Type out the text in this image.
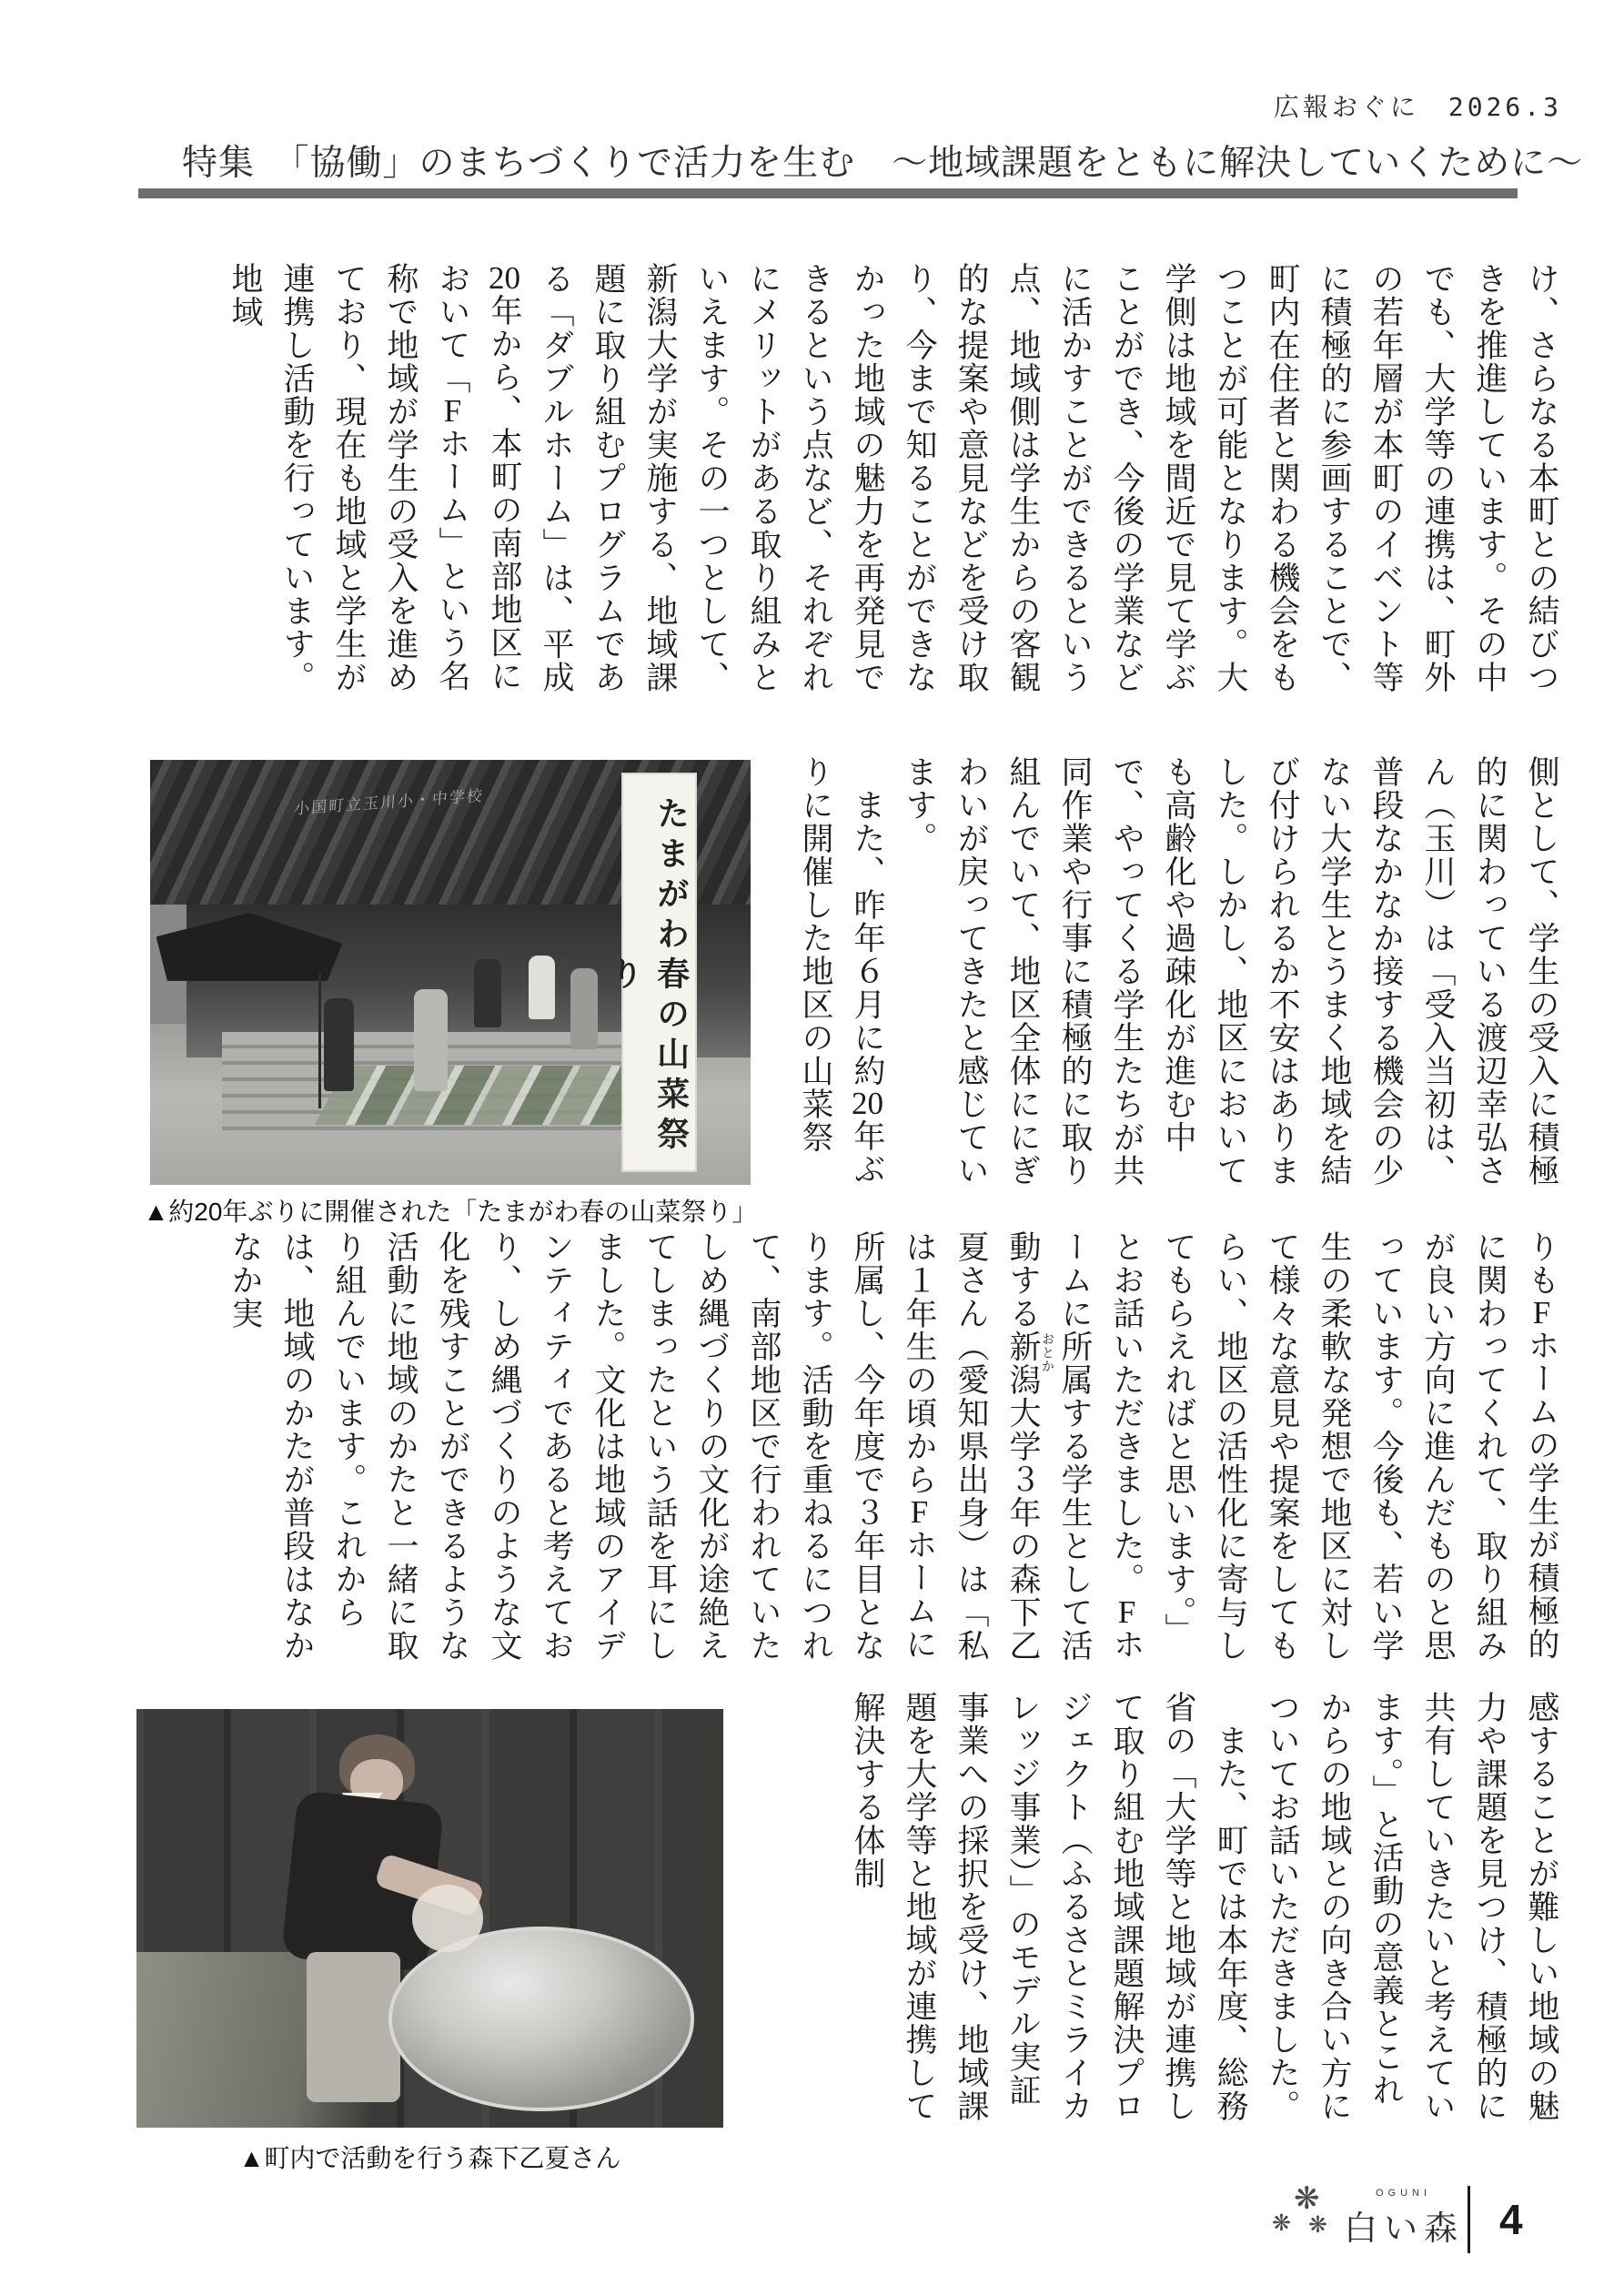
広報おぐに　2026.3
特集　「協働」のまちづくりで活力を生む　～地域課題をともに解決していくために～

け、さらなる本町との結びつきを推進しています。その中でも、大学等の連携は、町外の若年層が本町のイベント等に積極的に参画することで、町内在住者と関わる機会をもつことが可能となります。大学側は地域を間近で見て学ぶことができ、今後の学業などに活かすことができるという点、地域側は学生からの客観的な提案や意見などを受け取り、今まで知ることができなかった地域の魅力を再発見できるという点など、それぞれにメリットがある取り組みといえます。その一つとして、新潟大学が実施する、地域課題に取り組むプログラムである「ダブルホーム」は、平成20年から、本町の南部地区において「Fホーム」という名称で地域が学生の受入を進めており、現在も地域と学生が連携し活動を行っています。地域

小国町立玉川小・中学校	たまがわ春の山菜祭り
▲約20年ぶりに開催された「たまがわ春の山菜祭り」

側として、学生の受入に積極的に関わっている渡辺幸弘さん（玉川）は「受入当初は、普段なかなか接する機会の少ない大学生とうまく地域を結び付けられるか不安はありました。しかし、地区においても高齢化や過疎化が進む中で、やってくる学生たちが共同作業や行事に積極的に取り組んでいて、地区全体ににぎわいが戻ってきたと感じています。

　また、昨年６月に約20年ぶりに開催した地区の山菜祭

りもFホームの学生が積極的に関わってくれて、取り組みが良い方向に進んだものと思っています。今後も、若い学生の柔軟な発想で地区に対して様々な意見や提案をしてもらい、地区の活性化に寄与してもらえればと思います。」とお話いただきました。Fホームに所属する学生として活動する新潟大学３年の森下乙夏さん（愛知県出身）は「私は１年生の頃からFホームに所属し、今年度で３年目となります。活動を重ねるにつれて、南部地区で行われていたしめ縄づくりの文化が途絶えてしまったという話を耳にしました。文化は地域のアイデンティティであると考えており、しめ縄づくりのような文化を残すことができるような活動に地域のかたと一緒に取り組んでいます。これからは、地域のかたが普段はなかなか実

おとか
▲町内で活動を行う森下乙夏さん

感することが難しい地域の魅力や課題を見つけ、積極的に共有していきたいと考えています。」と活動の意義とこれからの地域との向き合い方についてお話いただきました。

　また、町では本年度、総務省の「大学等と地域が連携して取り組む地域課題解決プロジェクト（ふるさとミライカレッジ事業）」のモデル実証事業への採択を受け、地域課題を大学等と地域が連携して解決する体制

❋
❋ ❋
OGUNI
白い森 4
